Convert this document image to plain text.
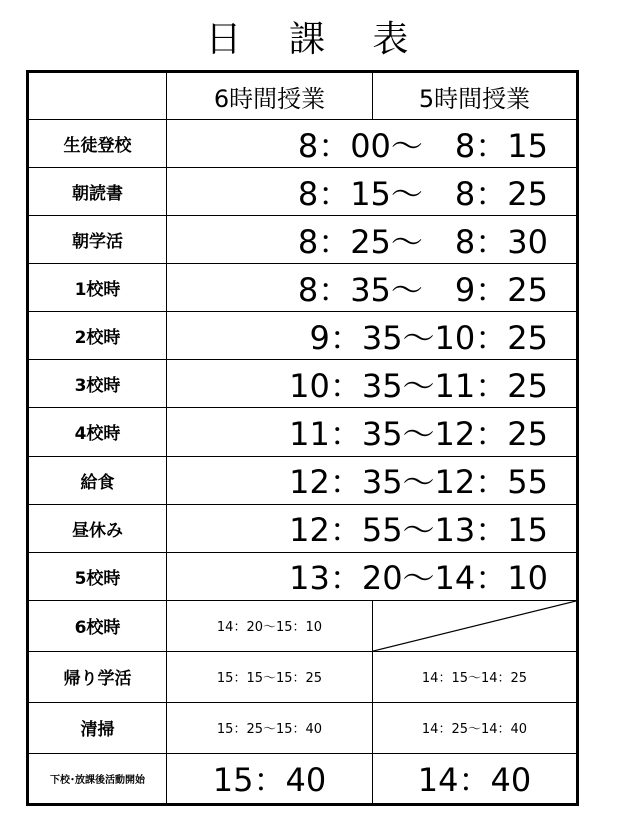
日 課 表
	6時間授業	5時間授業
生徒登校	　8：00～　8：15	

朝読書	　8：15～　8：25	

朝学活	　8：25～　8：30	

1校時	　8：35～　9：25	

2校時	　9：35～10：25	

3校時	10：35～11：25	

4校時	11：35～12：25	

給食	12：35～12：55	

昼休み	12：55～13：15	

5校時	13：20～14：10	

6校時	14：20～15：10	

帰り学活	15：15～15：25	14：15～14：25
清掃	15：25～15：40	14：25～14：40
下校･放課後活動開始	15：40	14：40
